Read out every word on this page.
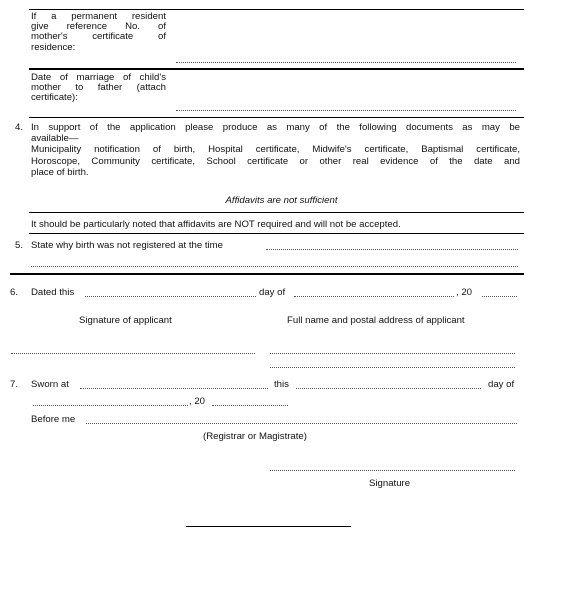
If a permanent resident
give reference No. of
mother's certificate of
residence:
Date of marriage of child's
mother to father (attach
certificate):
4. In support of the application please produce as many of the following documents as may be
available—
Municipality notification of birth, Hospital certificate, Midwife's certificate, Baptismal certificate,
Horoscope, Community certificate, School certificate or other real evidence of the date and
place of birth.
Affidavits are not sufficient
It should be particularly noted that affidavits are NOT required and will not be accepted.
5. State why birth was not registered at the time
6. Dated this	day of	, 20
Signature of applicant	Full name and postal address of applicant
7. Sworn at	this	day of
, 20
Before me
(Registrar or Magistrate)
Signature
